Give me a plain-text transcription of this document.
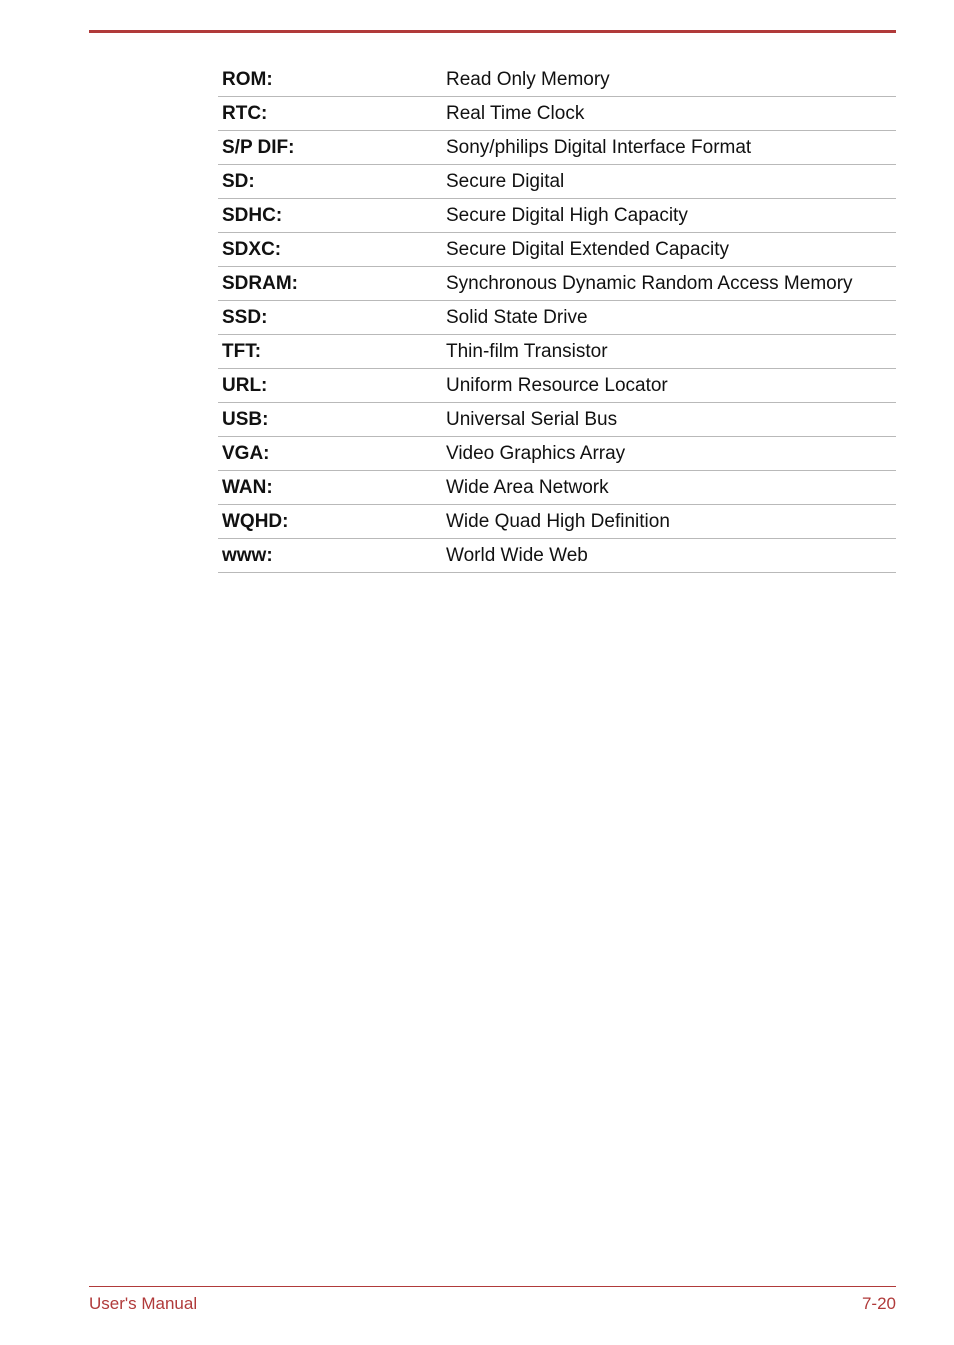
ROM:	Read Only Memory
RTC:	Real Time Clock
S/P DIF:	Sony/philips Digital Interface Format
SD:	Secure Digital
SDHC:	Secure Digital High Capacity
SDXC:	Secure Digital Extended Capacity
SDRAM:	Synchronous Dynamic Random Access Memory
SSD:	Solid State Drive
TFT:	Thin-film Transistor
URL:	Uniform Resource Locator
USB:	Universal Serial Bus
VGA:	Video Graphics Array
WAN:	Wide Area Network
WQHD:	Wide Quad High Definition
www:	World Wide Web
User's Manual	7-20
